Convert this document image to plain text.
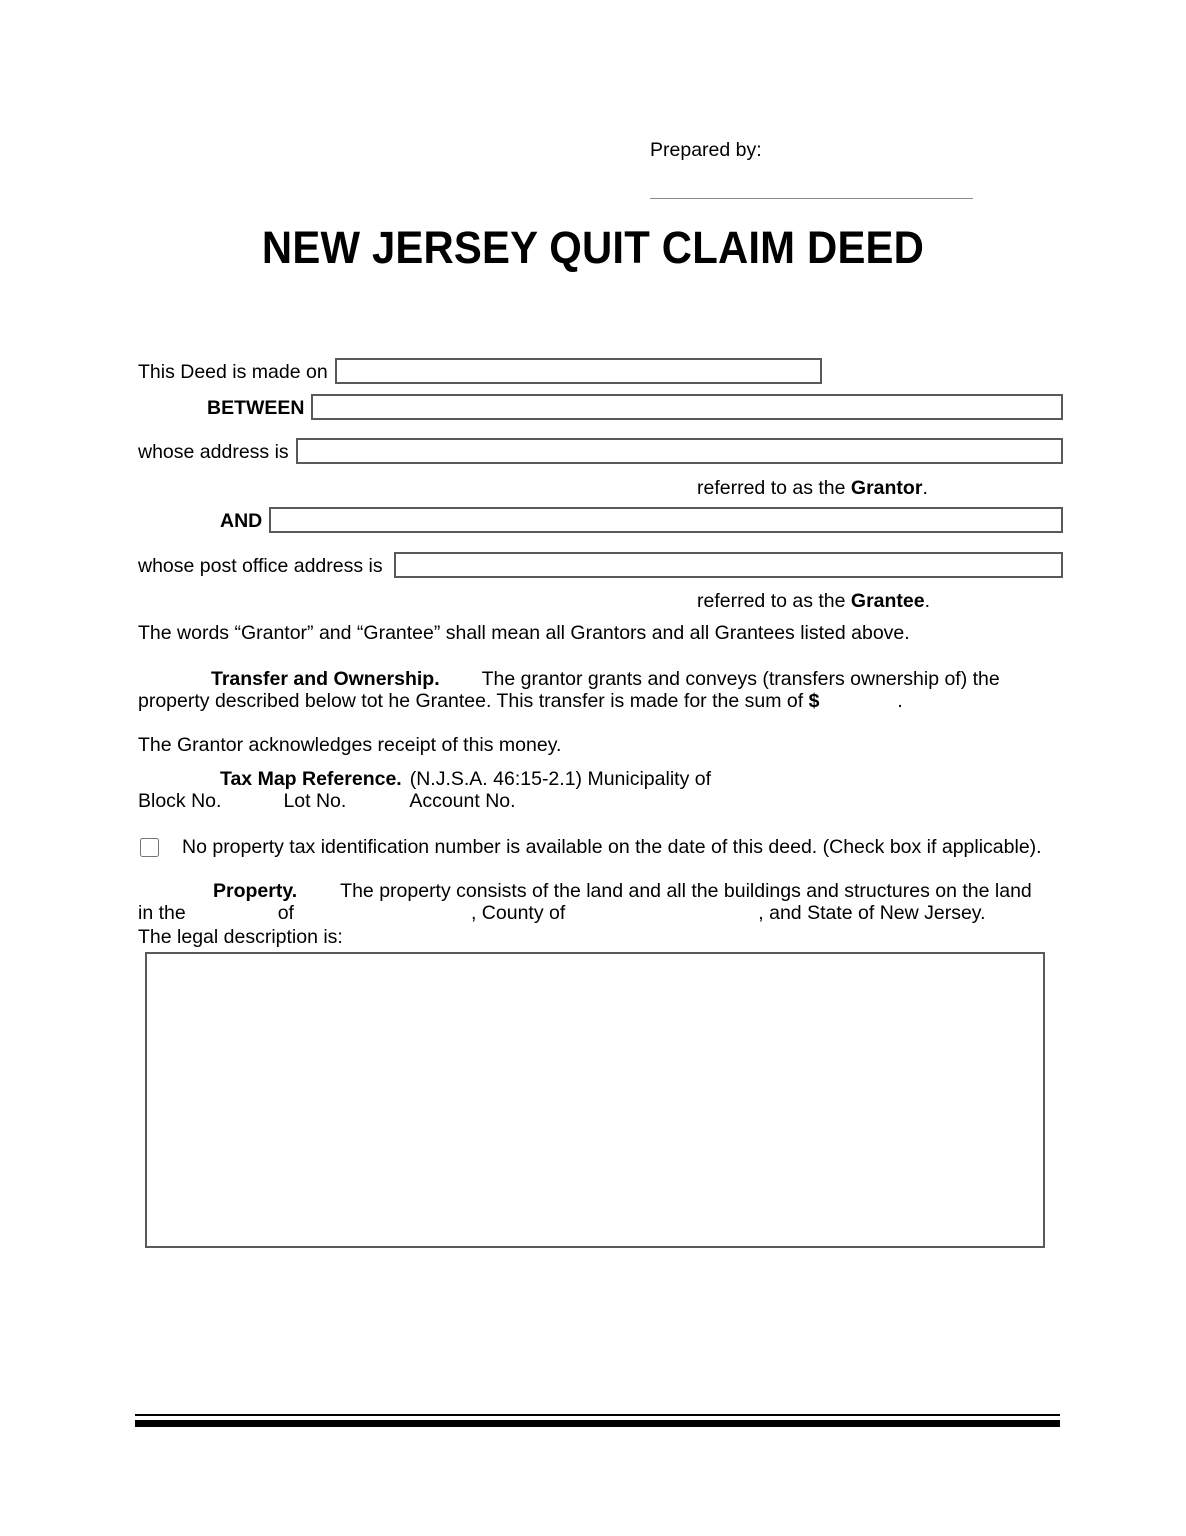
Prepared by:
NEW JERSEY QUIT CLAIM DEED
This Deed is made on
BETWEEN
whose address is
referred to as the Grantor.
AND
whose post office address is
referred to as the Grantee.
The words “Grantor” and “Grantee” shall mean all Grantors and all Grantees listed above.
Transfer and Ownership. The grantor grants and conveys (transfers ownership of) the
property described below tot he Grantee. This transfer is made for the sum of $	.
The Grantor acknowledges receipt of this money.
Tax Map Reference. (N.J.S.A. 46:15-2.1) Municipality of
Block No.	Lot No.	Account No.
No property tax identification number is available on the date of this deed. (Check box if applicable).
Property. The property consists of the land and all the buildings and structures on the land
in the	of	, County of	, and State of New Jersey.
The legal description is:
